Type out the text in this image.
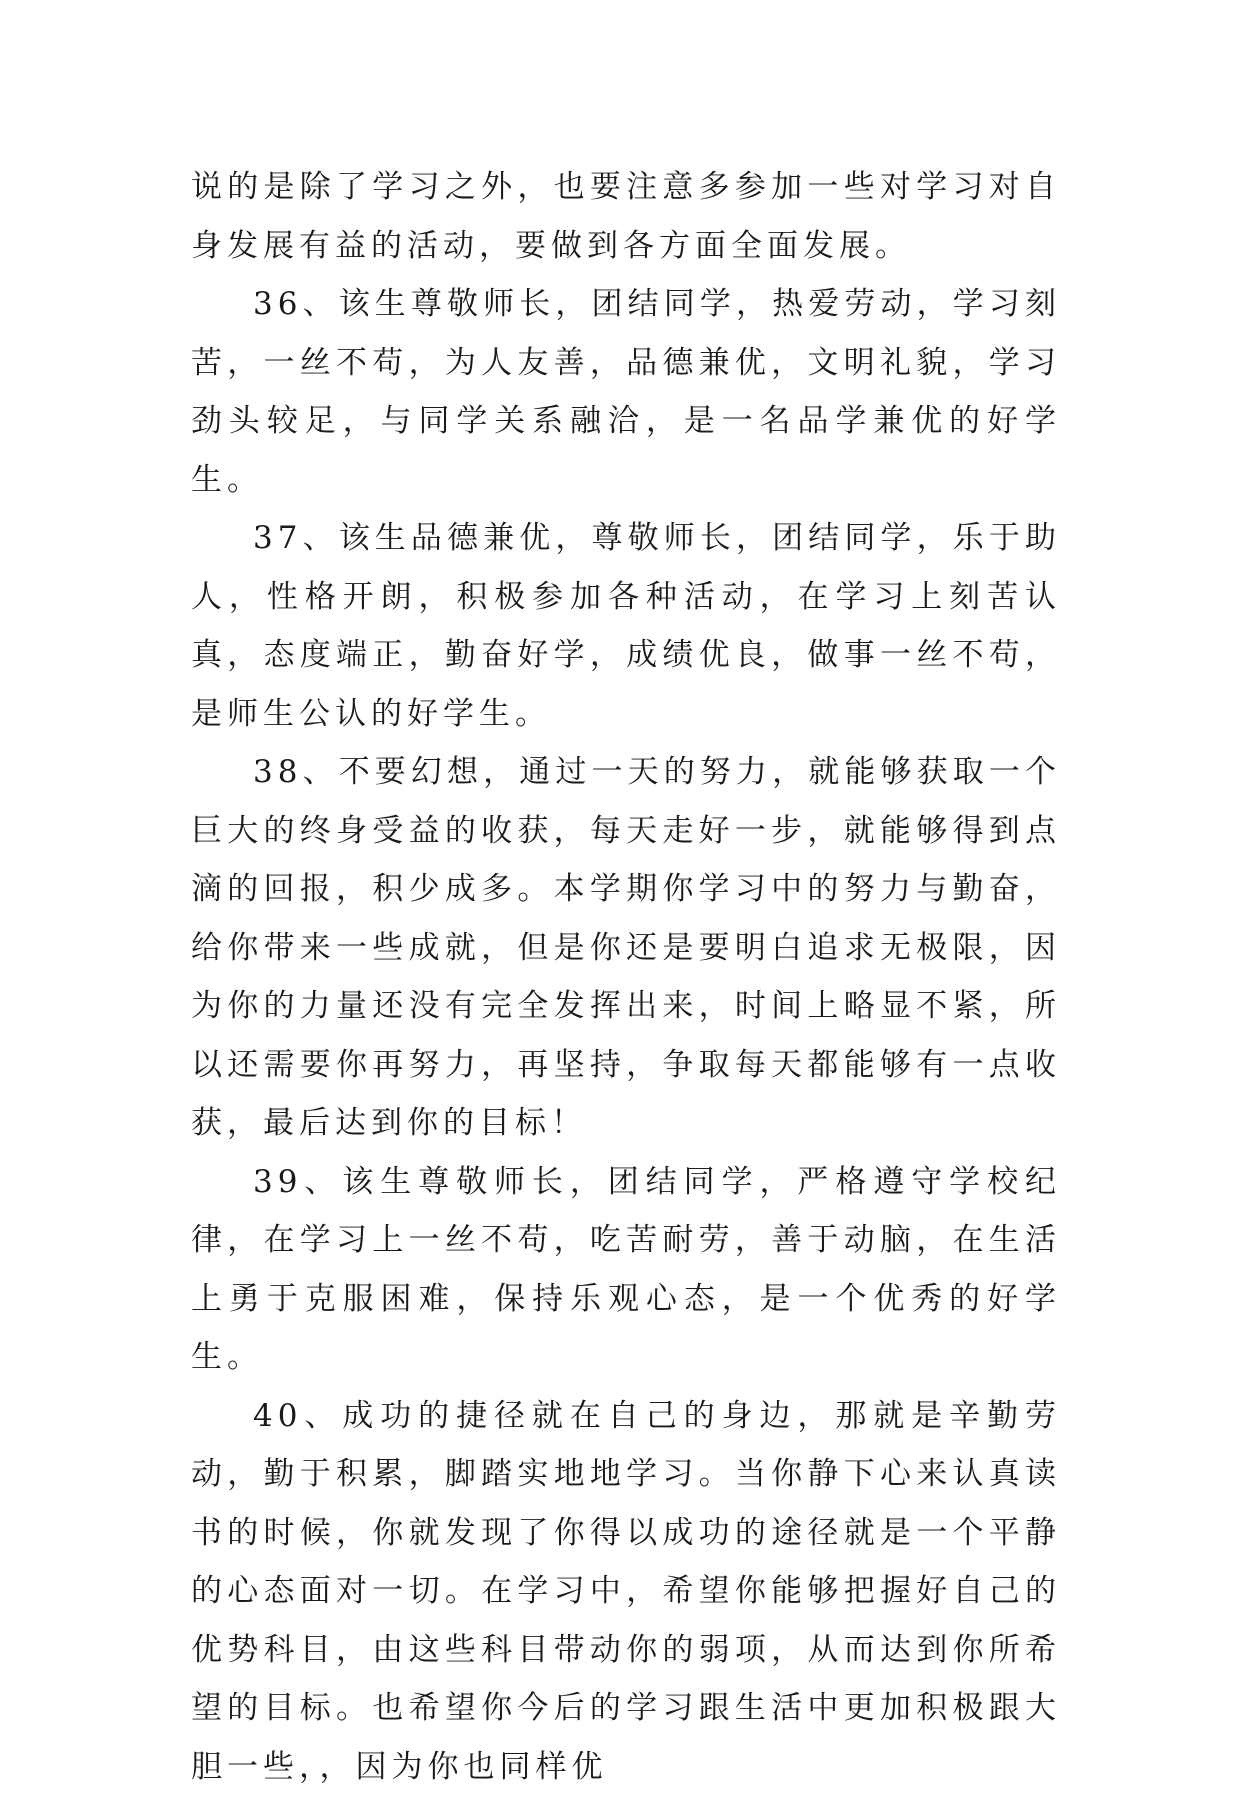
说的是除了学习之外，也要注意多参加一些对学习对自身发展有益的活动，要做到各方面全面发展。

36、该生尊敬师长，团结同学，热爱劳动，学习刻苦，一丝不苟，为人友善，品德兼优，文明礼貌，学习劲头较足，与同学关系融洽，是一名品学兼优的好学生。

37、该生品德兼优，尊敬师长，团结同学，乐于助人，性格开朗，积极参加各种活动，在学习上刻苦认真，态度端正，勤奋好学，成绩优良，做事一丝不苟，是师生公认的好学生。

38、不要幻想，通过一天的努力，就能够获取一个巨大的终身受益的收获，每天走好一步，就能够得到点滴的回报，积少成多。本学期你学习中的努力与勤奋，给你带来一些成就，但是你还是要明白追求无极限，因为你的力量还没有完全发挥出来，时间上略显不紧，所以还需要你再努力，再坚持，争取每天都能够有一点收获，最后达到你的目标！

39、该生尊敬师长，团结同学，严格遵守学校纪律，在学习上一丝不苟，吃苦耐劳，善于动脑，在生活上勇于克服困难，保持乐观心态，是一个优秀的好学生。

40、成功的捷径就在自己的身边，那就是辛勤劳动，勤于积累，脚踏实地地学习。当你静下心来认真读书的时候，你就发现了你得以成功的途径就是一个平静的心态面对一切。在学习中，希望你能够把握好自己的优势科目，由这些科目带动你的弱项，从而达到你所希望的目标。也希望你今后的学习跟生活中更加积极跟大胆一些，，因为你也同样优
